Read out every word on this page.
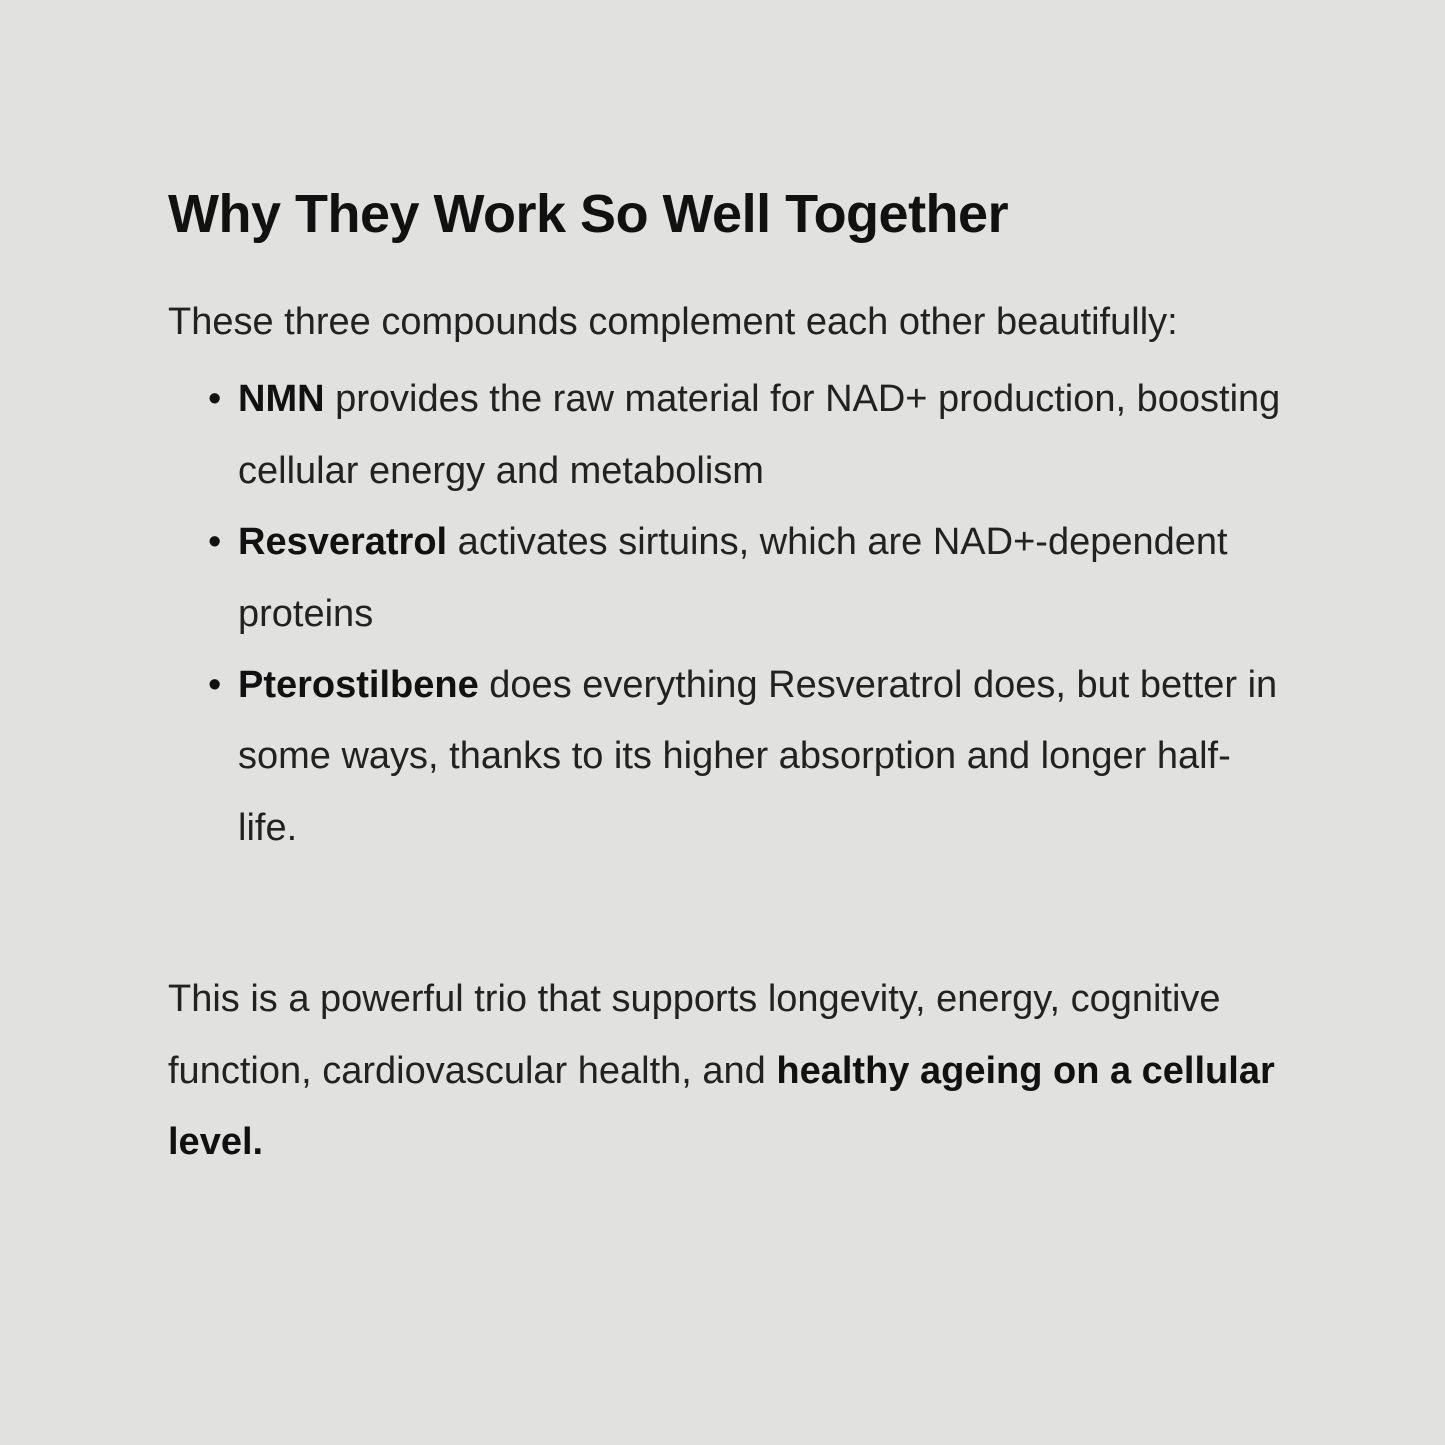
Why They Work So Well Together

These three compounds complement each other beautifully:

• NMN provides the raw material for NAD+ production, boosting cellular energy and metabolism
• Resveratrol activates sirtuins, which are NAD+-dependent proteins
• Pterostilbene does everything Resveratrol does, but better in some ways, thanks to its higher absorption and longer half-life.

This is a powerful trio that supports longevity, energy, cognitive function, cardiovascular health, and healthy ageing on a cellular level.
